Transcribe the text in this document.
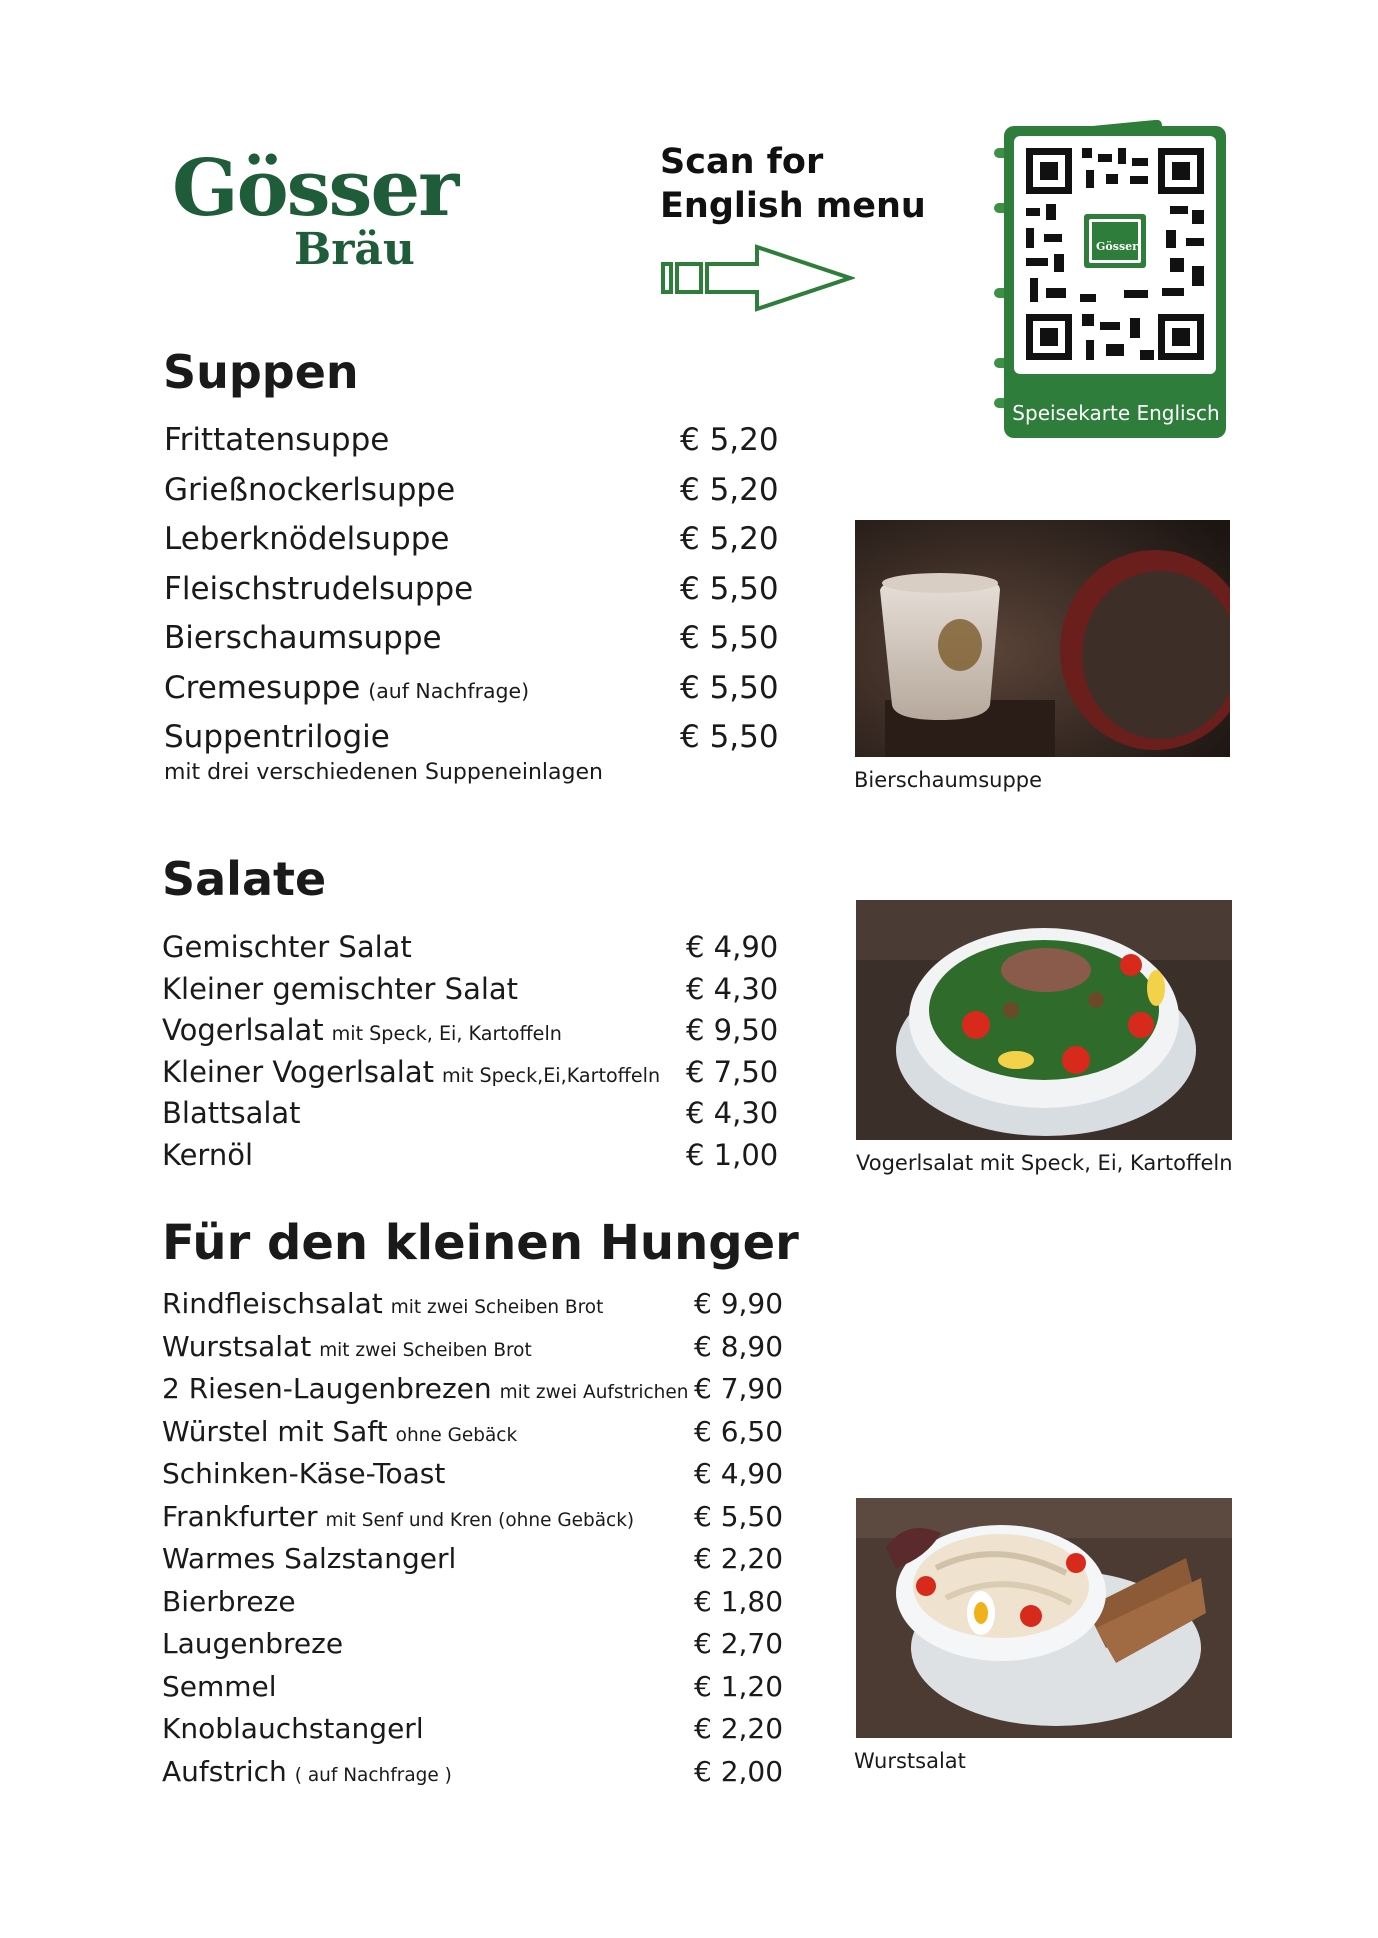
Gösser
Bräu
Scan for
English menu
Gösser
Speisekarte Englisch
Suppen
Frittatensuppe	€ 5,20
Grießnockerlsuppe	€ 5,20
Leberknödelsuppe	€ 5,20
Fleischstrudelsuppe	€ 5,50
Bierschaumsuppe	€ 5,50
Cremesuppe (auf Nachfrage)	€ 5,50
Suppentrilogie	€ 5,50
mit drei verschiedenen Suppeneinlagen	Bierschaumsuppe
Salate
Gemischter Salat	€ 4,90
Kleiner gemischter Salat	€ 4,30
Vogerlsalat mit Speck, Ei, Kartoffeln	€ 9,50
Kleiner Vogerlsalat mit Speck,Ei,Kartoffeln € 7,50
Blattsalat	€ 4,30
Kernöl	€ 1,00	Vogerlsalat mit Speck, Ei, Kartoffeln
Für den kleinen Hunger
Rindfleischsalat mit zwei Scheiben Brot	€ 9,90
Wurstsalat mit zwei Scheiben Brot	€ 8,90
2 Riesen-Laugenbrezen mit zwei Aufstrichen € 7,90
Würstel mit Saft ohne Gebäck	€ 6,50
Schinken-Käse-Toast	€ 4,90
Frankfurter mit Senf und Kren (ohne Gebäck) € 5,50
Warmes Salzstangerl	€ 2,20
Bierbreze	€ 1,80
Laugenbreze	€ 2,70
Semmel	€ 1,20
Knoblauchstangerl	€ 2,20
Aufstrich ( auf Nachfrage )	€ 2,00	Wurstsalat
